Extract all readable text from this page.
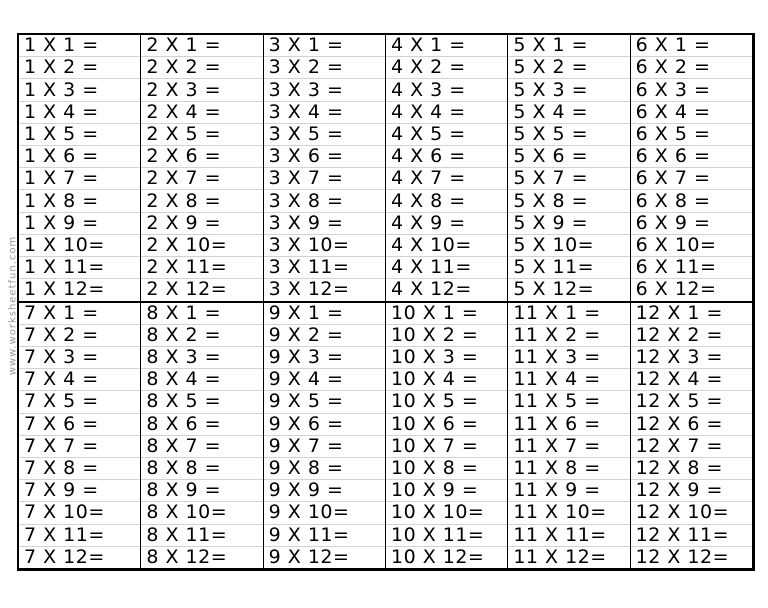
www.worksheetfun.com
1 X 1 =
1 X 2 =
1 X 3 =
1 X 4 =
1 X 5 =
1 X 6 =
1 X 7 =
1 X 8 =
1 X 9 =
1 X 10=
1 X 11=
1 X 12=
2 X 1 =
2 X 2 =
2 X 3 =
2 X 4 =
2 X 5 =
2 X 6 =
2 X 7 =
2 X 8 =
2 X 9 =
2 X 10=
2 X 11=
2 X 12=
3 X 1 =
3 X 2 =
3 X 3 =
3 X 4 =
3 X 5 =
3 X 6 =
3 X 7 =
3 X 8 =
3 X 9 =
3 X 10=
3 X 11=
3 X 12=
4 X 1 =
4 X 2 =
4 X 3 =
4 X 4 =
4 X 5 =
4 X 6 =
4 X 7 =
4 X 8 =
4 X 9 =
4 X 10=
4 X 11=
4 X 12=
5 X 1 =
5 X 2 =
5 X 3 =
5 X 4 =
5 X 5 =
5 X 6 =
5 X 7 =
5 X 8 =
5 X 9 =
5 X 10=
5 X 11=
5 X 12=
6 X 1 =
6 X 2 =
6 X 3 =
6 X 4 =
6 X 5 =
6 X 6 =
6 X 7 =
6 X 8 =
6 X 9 =
6 X 10=
6 X 11=
6 X 12=
7 X 1 =
7 X 2 =
7 X 3 =
7 X 4 =
7 X 5 =
7 X 6 =
7 X 7 =
7 X 8 =
7 X 9 =
7 X 10=
7 X 11=
7 X 12=
8 X 1 =
8 X 2 =
8 X 3 =
8 X 4 =
8 X 5 =
8 X 6 =
8 X 7 =
8 X 8 =
8 X 9 =
8 X 10=
8 X 11=
8 X 12=
9 X 1 =
9 X 2 =
9 X 3 =
9 X 4 =
9 X 5 =
9 X 6 =
9 X 7 =
9 X 8 =
9 X 9 =
9 X 10=
9 X 11=
9 X 12=
10 X 1 =
10 X 2 =
10 X 3 =
10 X 4 =
10 X 5 =
10 X 6 =
10 X 7 =
10 X 8 =
10 X 9 =
10 X 10=
10 X 11=
10 X 12=
11 X 1 =
11 X 2 =
11 X 3 =
11 X 4 =
11 X 5 =
11 X 6 =
11 X 7 =
11 X 8 =
11 X 9 =
11 X 10=
11 X 11=
11 X 12=
12 X 1 =
12 X 2 =
12 X 3 =
12 X 4 =
12 X 5 =
12 X 6 =
12 X 7 =
12 X 8 =
12 X 9 =
12 X 10=
12 X 11=
12 X 12=
